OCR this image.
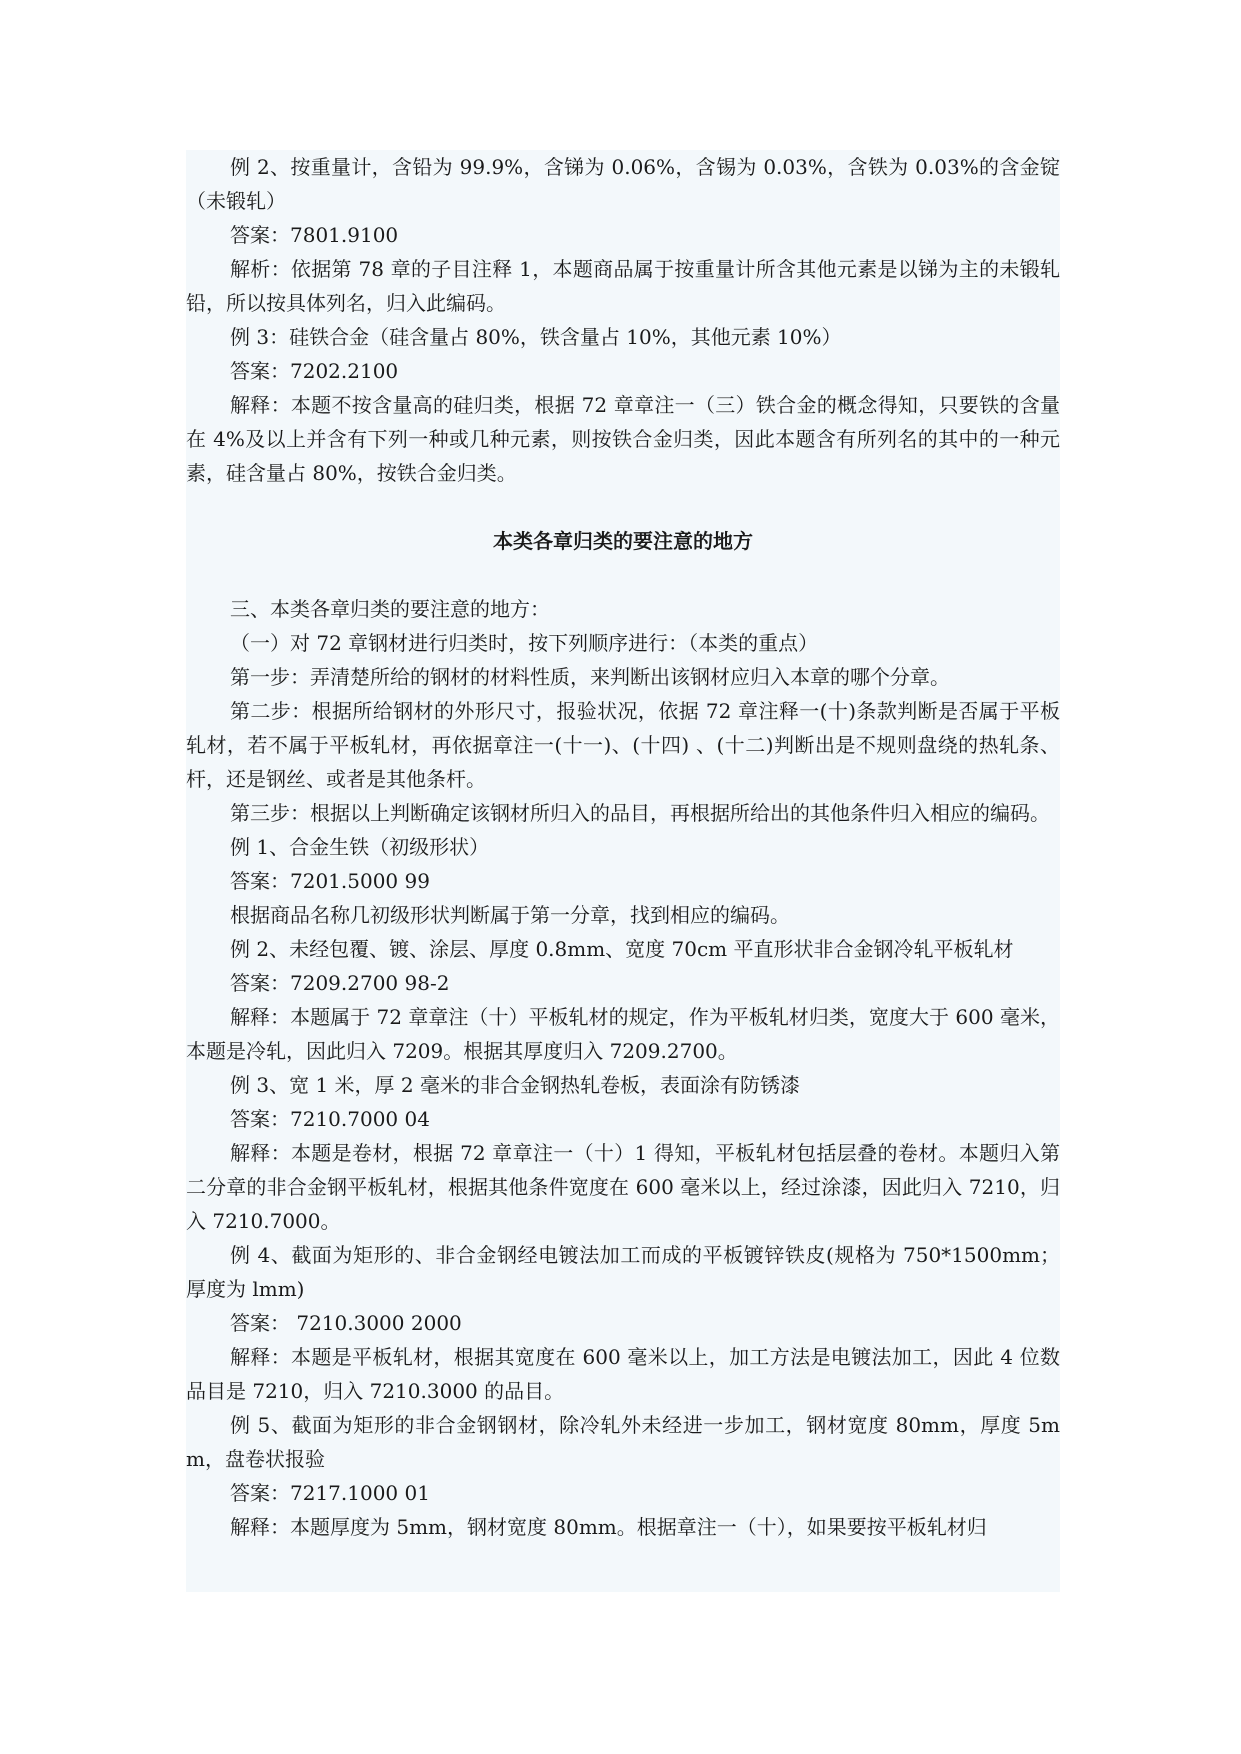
例 2、按重量计，含铅为 99.9%，含锑为 0.06%，含锡为 0.03%，含铁为 0.03%的含金锭（未锻轧）

答案：7801.9100

解析：依据第 78 章的子目注释 1，本题商品属于按重量计所含其他元素是以锑为主的未锻轧铅，所以按具体列名，归入此编码。

例 3：硅铁合金（硅含量占 80%，铁含量占 10%，其他元素 10%）

答案：7202.2100

解释：本题不按含量高的硅归类，根据 72 章章注一（三）铁合金的概念得知，只要铁的含量在 4%及以上并含有下列一种或几种元素，则按铁合金归类，因此本题含有所列名的其中的一种元素，硅含量占 80%，按铁合金归类。

本类各章归类的要注意的地方

三、本类各章归类的要注意的地方：

（一）对 72 章钢材进行归类时，按下列顺序进行：（本类的重点）

第一步：弄清楚所给的钢材的材料性质，来判断出该钢材应归入本章的哪个分章。

第二步：根据所给钢材的外形尺寸，报验状况，依据 72 章注释一(十)条款判断是否属于平板轧材，若不属于平板轧材，再依据章注一(十一)、(十四) 、(十二)判断出是不规则盘绕的热轧条、杆，还是钢丝、或者是其他条杆。

第三步：根据以上判断确定该钢材所归入的品目，再根据所给出的其他条件归入相应的编码。

例 1、合金生铁（初级形状）

答案：7201.5000 99

根据商品名称几初级形状判断属于第一分章，找到相应的编码。

例 2、未经包覆、镀、涂层、厚度 0.8mm、宽度 70cm 平直形状非合金钢冷轧平板轧材

答案：7209.2700 98-2

解释：本题属于 72 章章注（十）平板轧材的规定，作为平板轧材归类，宽度大于 600 毫米，本题是冷轧，因此归入 7209。根据其厚度归入 7209.2700。

例 3、宽 1 米，厚 2 毫米的非合金钢热轧卷板，表面涂有防锈漆

答案：7210.7000 04

解释：本题是卷材，根据 72 章章注一（十）1 得知，平板轧材包括层叠的卷材。本题归入第二分章的非合金钢平板轧材，根据其他条件宽度在 600 毫米以上，经过涂漆，因此归入 7210，归入 7210.7000。

例 4、截面为矩形的、非合金钢经电镀法加工而成的平板镀锌铁皮(规格为 750*1500mm；厚度为 lmm)

答案： 7210.3000 2000

解释：本题是平板轧材，根据其宽度在 600 毫米以上，加工方法是电镀法加工，因此 4 位数品目是 7210，归入 7210.3000 的品目。

例 5、截面为矩形的非合金钢钢材，除冷轧外未经进一步加工，钢材宽度 80mm，厚度 5mm，盘卷状报验

答案：7217.1000 01

解释：本题厚度为 5mm，钢材宽度 80mm。根据章注一（十），如果要按平板轧材归
